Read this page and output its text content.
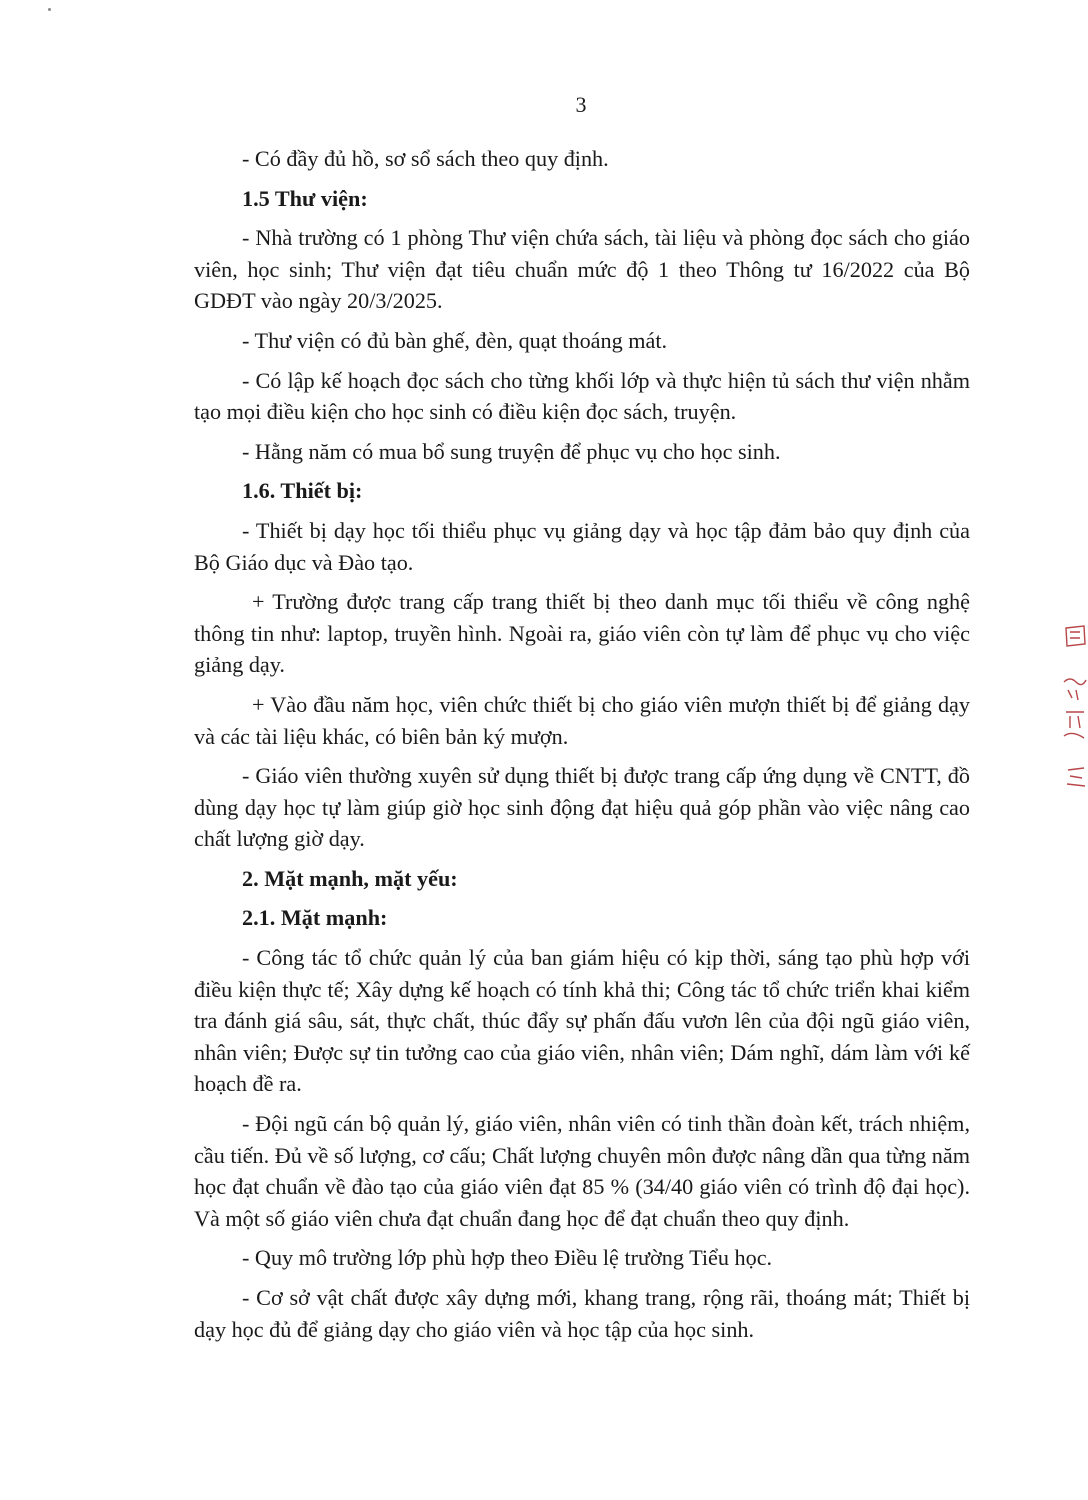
3

- Có đầy đủ hồ, sơ sổ sách theo quy định.

1.5 Thư viện:

- Nhà trường có 1 phòng Thư viện chứa sách, tài liệu và phòng đọc sách cho giáo viên, học sinh; Thư viện đạt tiêu chuẩn mức độ 1 theo Thông tư 16/2022 của Bộ GDĐT vào ngày 20/3/2025.

- Thư viện có đủ bàn ghế, đèn, quạt thoáng mát.

- Có lập kế hoạch đọc sách cho từng khối lớp và thực hiện tủ sách thư viện nhằm tạo mọi điều kiện cho học sinh có điều kiện đọc sách, truyện.

- Hằng năm có mua bổ sung truyện để phục vụ cho học sinh.

1.6. Thiết bị:

- Thiết bị dạy học tối thiểu phục vụ giảng dạy và học tập đảm bảo quy định của Bộ Giáo dục và Đào tạo.

+ Trường được trang cấp trang thiết bị theo danh mục tối thiểu về công nghệ thông tin như: laptop, truyền hình. Ngoài ra, giáo viên còn tự làm để phục vụ cho việc giảng dạy.

+ Vào đầu năm học, viên chức thiết bị cho giáo viên mượn thiết bị để giảng dạy và các tài liệu khác, có biên bản ký mượn.

- Giáo viên thường xuyên sử dụng thiết bị được trang cấp ứng dụng về CNTT, đồ dùng dạy học tự làm giúp giờ học sinh động đạt hiệu quả góp phần vào việc nâng cao chất lượng giờ dạy.

2. Mặt mạnh, mặt yếu:

2.1. Mặt mạnh:

- Công tác tổ chức quản lý của ban giám hiệu có kịp thời, sáng tạo phù hợp với điều kiện thực tế; Xây dựng kế hoạch có tính khả thi; Công tác tổ chức triển khai kiểm tra đánh giá sâu, sát, thực chất, thúc đẩy sự phấn đấu vươn lên của đội ngũ giáo viên, nhân viên; Được sự tin tưởng cao của giáo viên, nhân viên; Dám nghĩ, dám làm với kế hoạch đề ra.

- Đội ngũ cán bộ quản lý, giáo viên, nhân viên có tinh thần đoàn kết, trách nhiệm, cầu tiến. Đủ về số lượng, cơ cấu; Chất lượng chuyên môn được nâng dần qua từng năm học đạt chuẩn về đào tạo của giáo viên đạt 85 % (34/40 giáo viên có trình độ đại học). Và một số giáo viên chưa đạt chuẩn đang học để đạt chuẩn theo quy định.

- Quy mô trường lớp phù hợp theo Điều lệ trường Tiểu học.

- Cơ sở vật chất được xây dựng mới, khang trang, rộng rãi, thoáng mát; Thiết bị dạy học đủ để giảng dạy cho giáo viên và học tập của học sinh.
